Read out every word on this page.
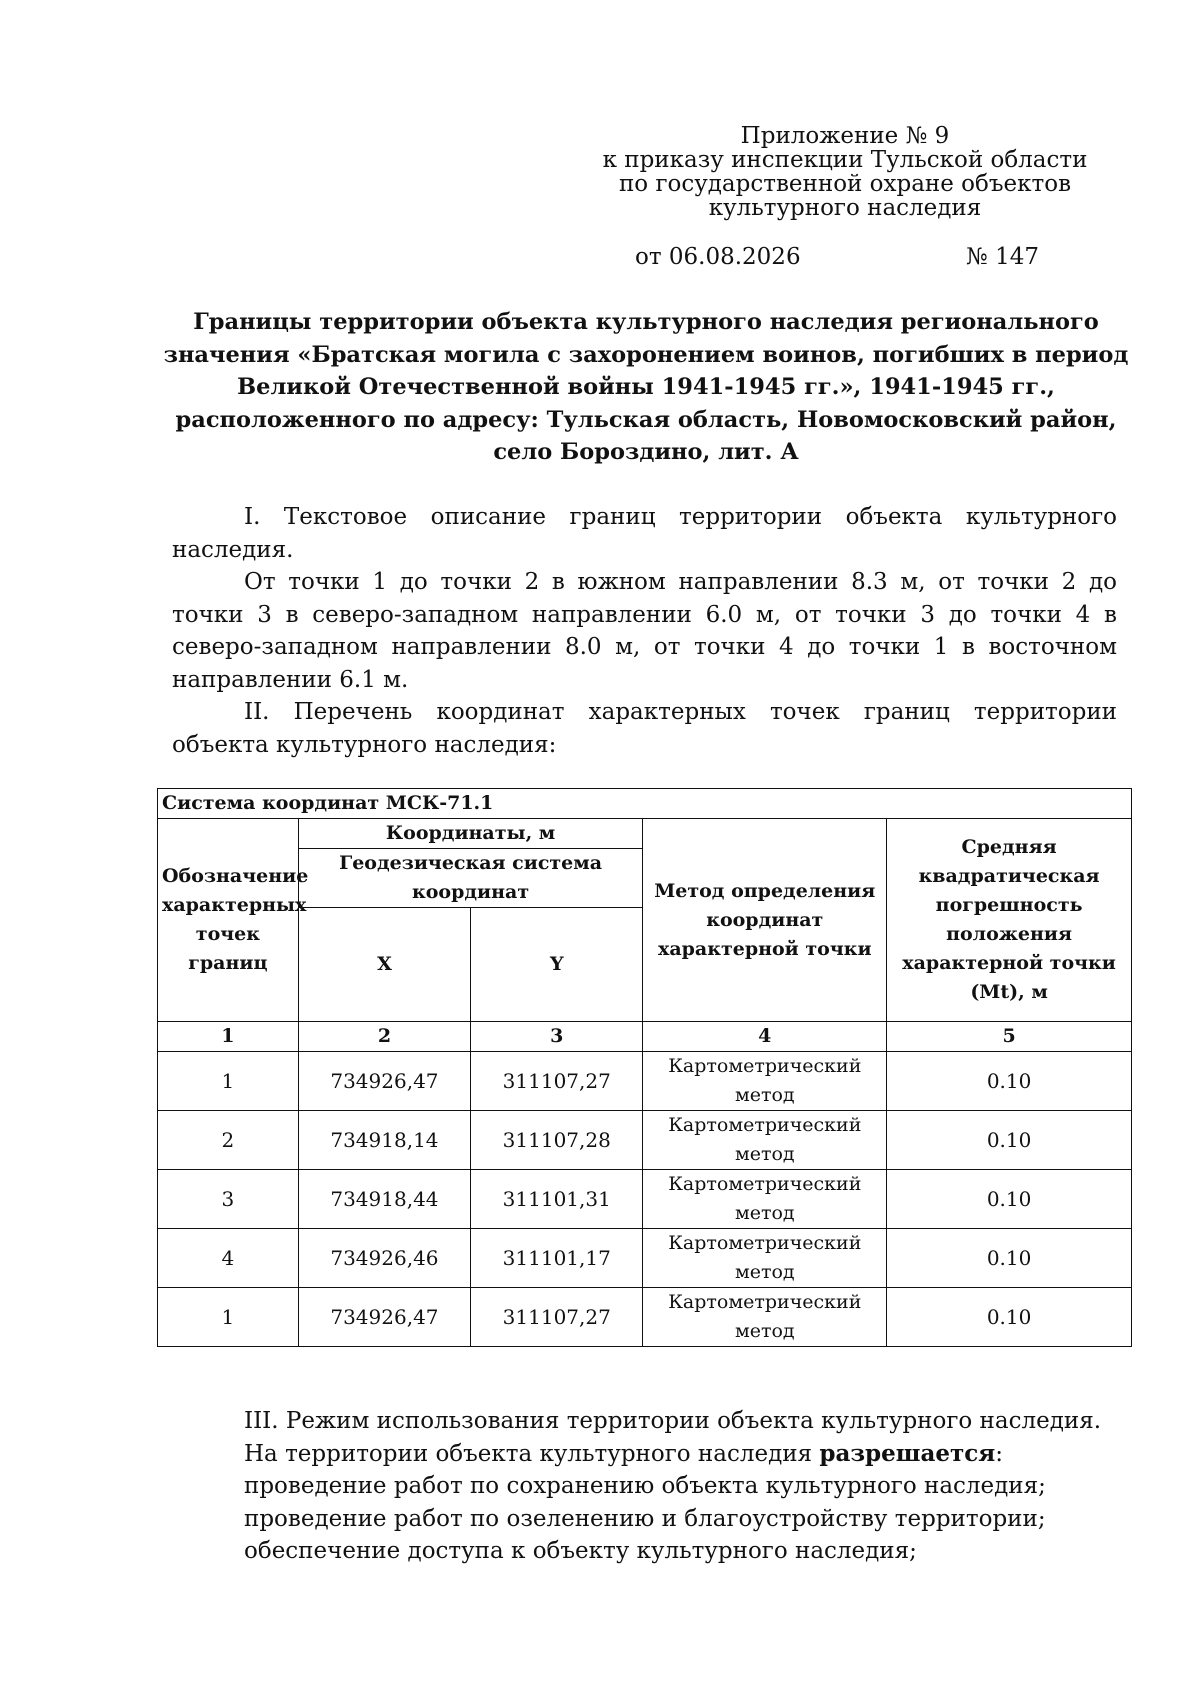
Приложение № 9
к приказу инспекции Тульской области
по государственной охране объектов
культурного наследия
от 06.08.2026	№ 147
Границы территории объекта культурного наследия регионального
значения «Братская могила с захоронением воинов, погибших в период
Великой Отечественной войны 1941-1945 гг.», 1941-1945 гг.,
расположенного по адресу: Тульская область, Новомосковский район,
село Бороздино, лит. А

I. Текстовое описание границ территории объекта культурного наследия.

От точки 1 до точки 2 в южном направлении 8.3 м, от точки 2 до точки 3 в северо-западном направлении 6.0 м, от точки 3 до точки 4 в северо-западном направлении 8.0 м, от точки 4 до точки 1 в восточном направлении 6.1 м.

II. Перечень координат характерных точек границ территории объекта культурного наследия:

Система координат МСК-71.1				
Обозначение характерных точек границ	Координаты, м		Метод определения координат характерной точки	Средняя квадратическая погрешность положения характерной точки (Mt), м
	Геодезическая система координат			
	X	Y		
1	2	3	4	5
1	734926,47	311107,27	Картометрический метод	0.10
2	734918,14	311107,28	Картометрический метод	0.10
3	734918,44	311101,31	Картометрический метод	0.10
4	734926,46	311101,17	Картометрический метод	0.10
1	734926,47	311107,27	Картометрический метод	0.10
III. Режим использования территории объекта культурного наследия.
На территории объекта культурного наследия разрешается:
проведение работ по сохранению объекта культурного наследия;
проведение работ по озеленению и благоустройству территории;
обеспечение доступа к объекту культурного наследия;
